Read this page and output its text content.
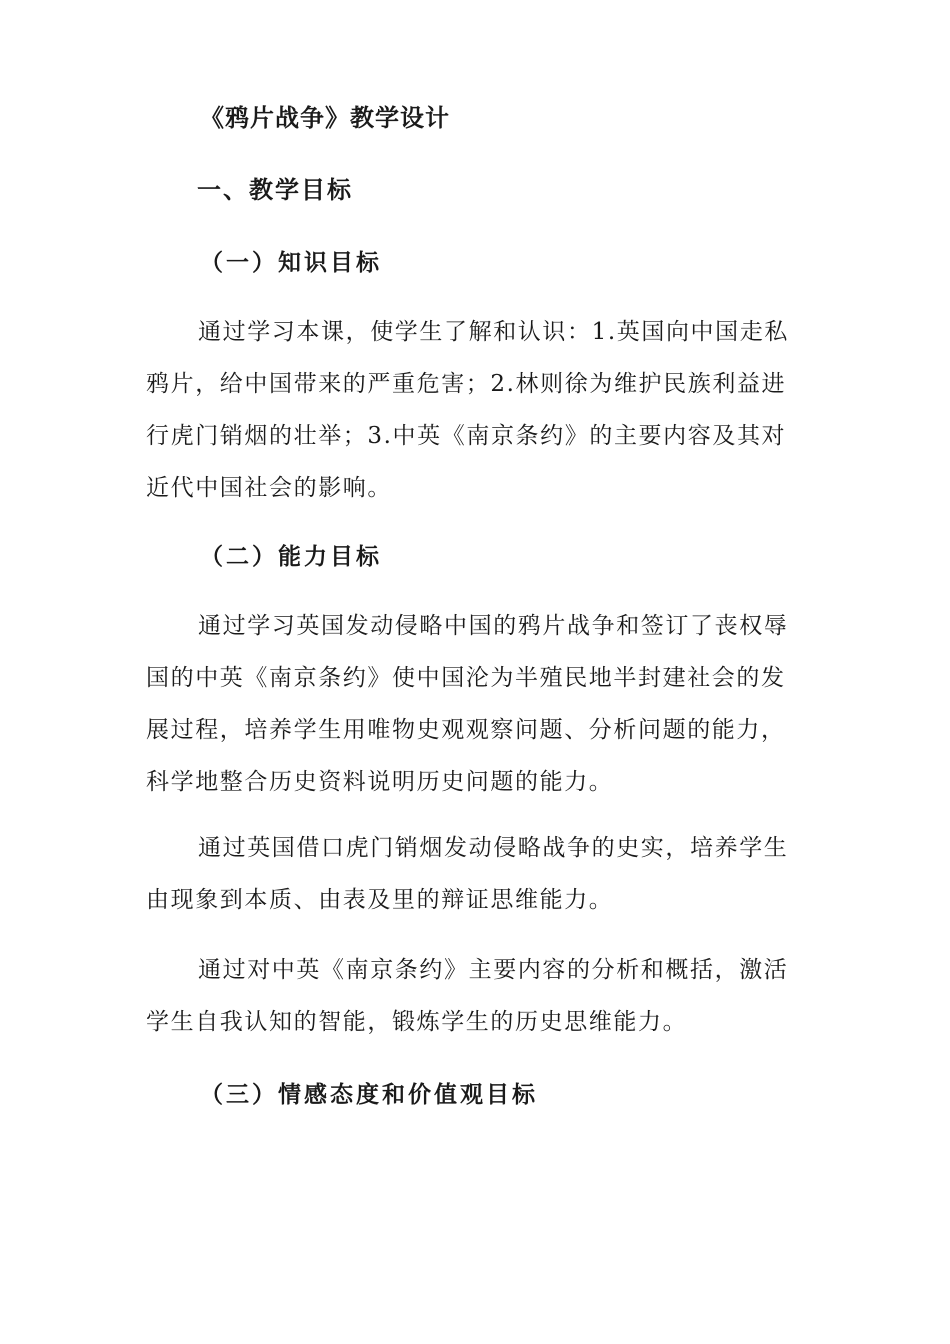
《鸦片战争》教学设计
一、教学目标
（一）知识目标

通过学习本课，使学生了解和认识：1.英国向中国走私鸦片，给中国带来的严重危害；2.林则徐为维护民族利益进行虎门销烟的壮举；3.中英《南京条约》的主要内容及其对近代中国社会的影响。

（二）能力目标

通过学习英国发动侵略中国的鸦片战争和签订了丧权辱国的中英《南京条约》使中国沦为半殖民地半封建社会的发展过程，培养学生用唯物史观观察问题、分析问题的能力，科学地整合历史资料说明历史问题的能力。

通过英国借口虎门销烟发动侵略战争的史实，培养学生由现象到本质、由表及里的辩证思维能力。

通过对中英《南京条约》主要内容的分析和概括，激活学生自我认知的智能，锻炼学生的历史思维能力。

（三）情感态度和价值观目标
